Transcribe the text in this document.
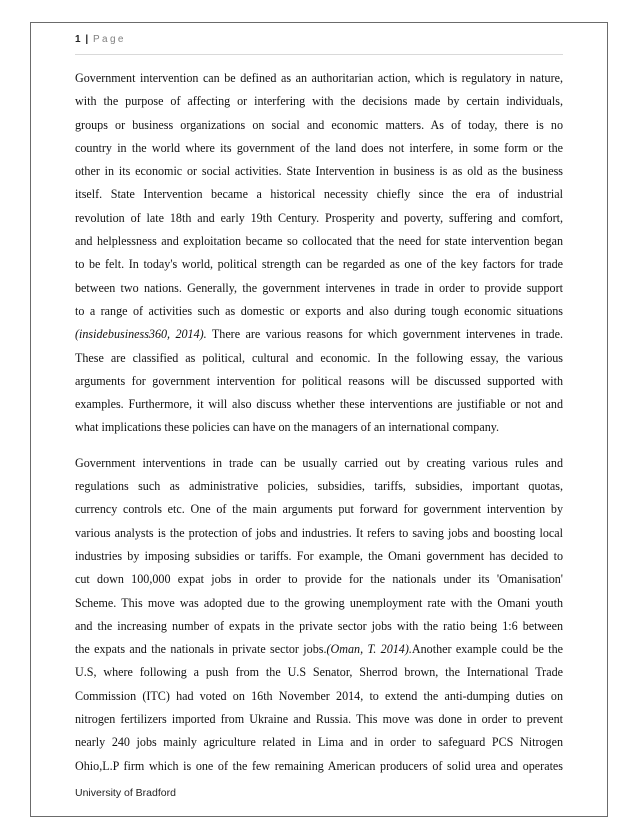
1 | Page
Government intervention can be defined as an authoritarian action, which is regulatory in nature,
with the purpose of affecting or interfering with the decisions made by certain individuals,
groups or business organizations on social and economic matters. As of today, there is no
country in the world where its government of the land does not interfere, in some form or the
other in its economic or social activities. State Intervention in business is as old as the business
itself. State Intervention became a historical necessity chiefly since the era of industrial
revolution of late 18th and early 19th Century. Prosperity and poverty, suffering and comfort,
and helplessness and exploitation became so collocated that the need for state intervention began
to be felt. In today's world, political strength can be regarded as one of the key factors for trade
between two nations. Generally, the government intervenes in trade in order to provide support
to a range of activities such as domestic or exports and also during tough economic situations
(insidebusiness360, 2014). There are various reasons for which government intervenes in trade.
These are classified as political, cultural and economic. In the following essay, the various
arguments for government intervention for political reasons will be discussed supported with
examples. Furthermore, it will also discuss whether these interventions are justifiable or not and
what implications these policies can have on the managers of an international company.
Government interventions in trade can be usually carried out by creating various rules and
regulations such as administrative policies, subsidies, tariffs, subsidies, important quotas,
currency controls etc. One of the main arguments put forward for government intervention by
various analysts is the protection of jobs and industries. It refers to saving jobs and boosting local
industries by imposing subsidies or tariffs. For example, the Omani government has decided to
cut down 100,000 expat jobs in order to provide for the nationals under its 'Omanisation'
Scheme. This move was adopted due to the growing unemployment rate with the Omani youth
and the increasing number of expats in the private sector jobs with the ratio being 1:6 between
the expats and the nationals in private sector jobs.(Oman, T. 2014).Another example could be the
U.S, where following a push from the U.S Senator, Sherrod brown, the International Trade
Commission (ITC) had voted on 16th November 2014, to extend the anti-dumping duties on
nitrogen fertilizers imported from Ukraine and Russia. This move was done in order to prevent
nearly 240 jobs mainly agriculture related in Lima and in order to safeguard PCS Nitrogen
Ohio,L.P firm which is one of the few remaining American producers of solid urea and operates
University of Bradford
